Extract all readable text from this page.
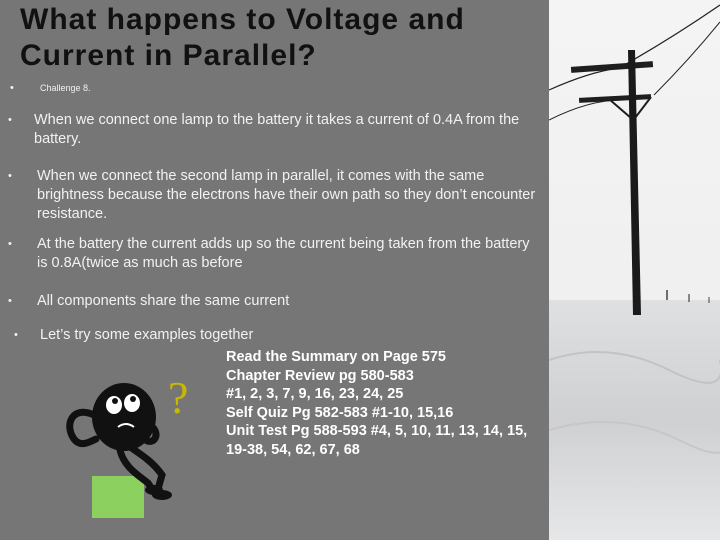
What happens to Voltage and
Current in Parallel?
•	Challenge 8.
• When we connect one lamp to the battery it takes a current of 0.4A from the battery.
• When we connect the second lamp in parallel, it comes with the same brightness because the electrons have their own path so they don’t encounter resistance.
• At the battery the current adds up so the current being taken from the battery is 0.8A(twice as much as before
• All components share the same current
• Let’s try some examples together
Read the Summary on Page 575
Chapter Review pg 580-583
#1, 2, 3, 7, 9, 16, 23, 24, 25
Self Quiz Pg 582-583 #1-10, 15,16
Unit Test Pg 588-593 #4, 5, 10, 11, 13, 14, 15, 19-38, 54, 62, 67, 68
?
